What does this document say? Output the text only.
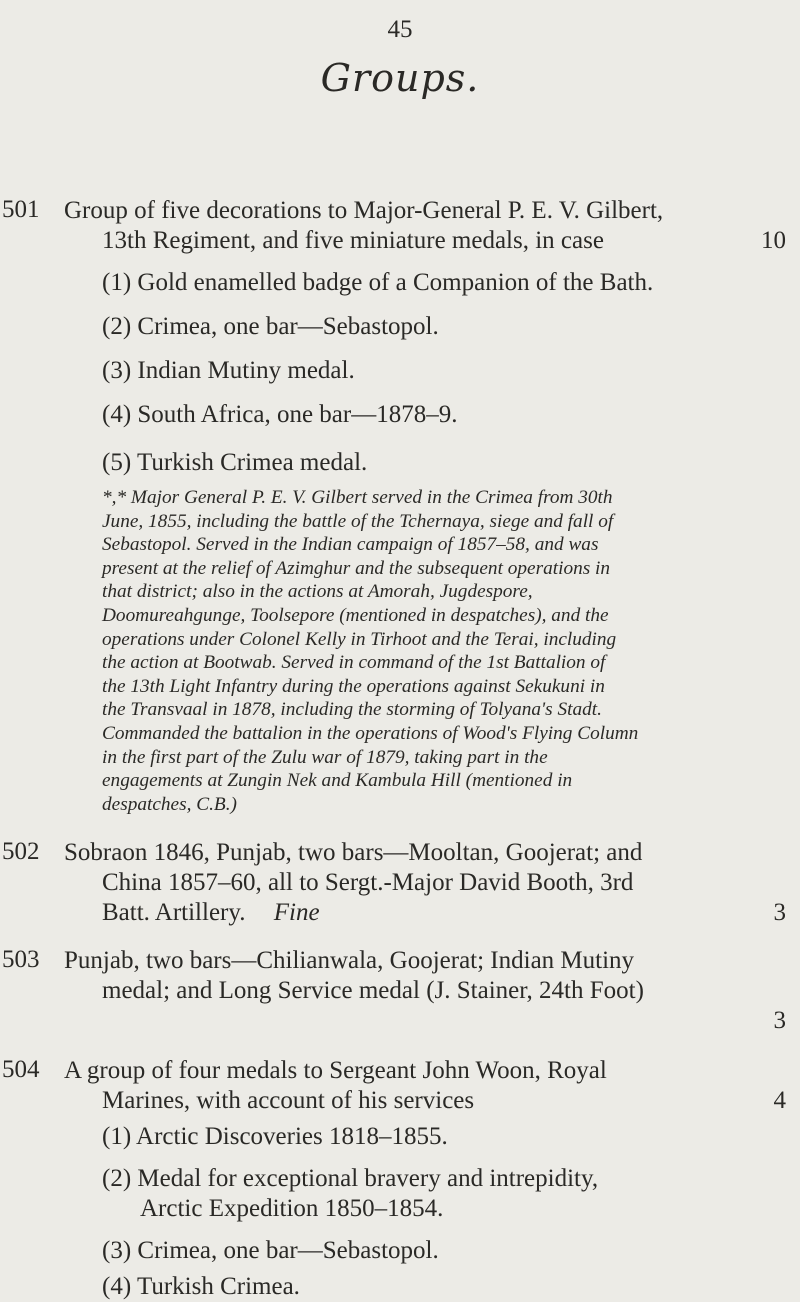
45
Groups.
501 Group of five decorations to Major-General P. E. V. Gilbert,
13th Regiment, and five miniature medals, in case	10
(1) Gold enamelled badge of a Companion of the Bath.
(2) Crimea, one bar—Sebastopol.
(3) Indian Mutiny medal.
(4) South Africa, one bar—1878–9.
(5) Turkish Crimea medal.
*,* Major General P. E. V. Gilbert served in the Crimea from 30th
June, 1855, including the battle of the Tchernaya, siege and fall of
Sebastopol. Served in the Indian campaign of 1857–58, and was
present at the relief of Azimghur and the subsequent operations in
that district; also in the actions at Amorah, Jugdespore,
Doomureahgunge, Toolsepore (mentioned in despatches), and the
operations under Colonel Kelly in Tirhoot and the Terai, including
the action at Bootwab. Served in command of the 1st Battalion of
the 13th Light Infantry during the operations against Sekukuni in
the Transvaal in 1878, including the storming of Tolyana's Stadt.
Commanded the battalion in the operations of Wood's Flying Column
in the first part of the Zulu war of 1879, taking part in the
engagements at Zungin Nek and Kambula Hill (mentioned in
despatches, C.B.)
502 Sobraon 1846, Punjab, two bars—Mooltan, Goojerat; and
China 1857–60, all to Sergt.-Major David Booth, 3rd
Batt. Artillery. Fine	3
503 Punjab, two bars—Chilianwala, Goojerat; Indian Mutiny
medal; and Long Service medal (J. Stainer, 24th Foot)
3
504 A group of four medals to Sergeant John Woon, Royal
Marines, with account of his services	4
(1) Arctic Discoveries 1818–1855.
(2) Medal for exceptional bravery and intrepidity,
Arctic Expedition 1850–1854.
(3) Crimea, one bar—Sebastopol.
(4) Turkish Crimea.
